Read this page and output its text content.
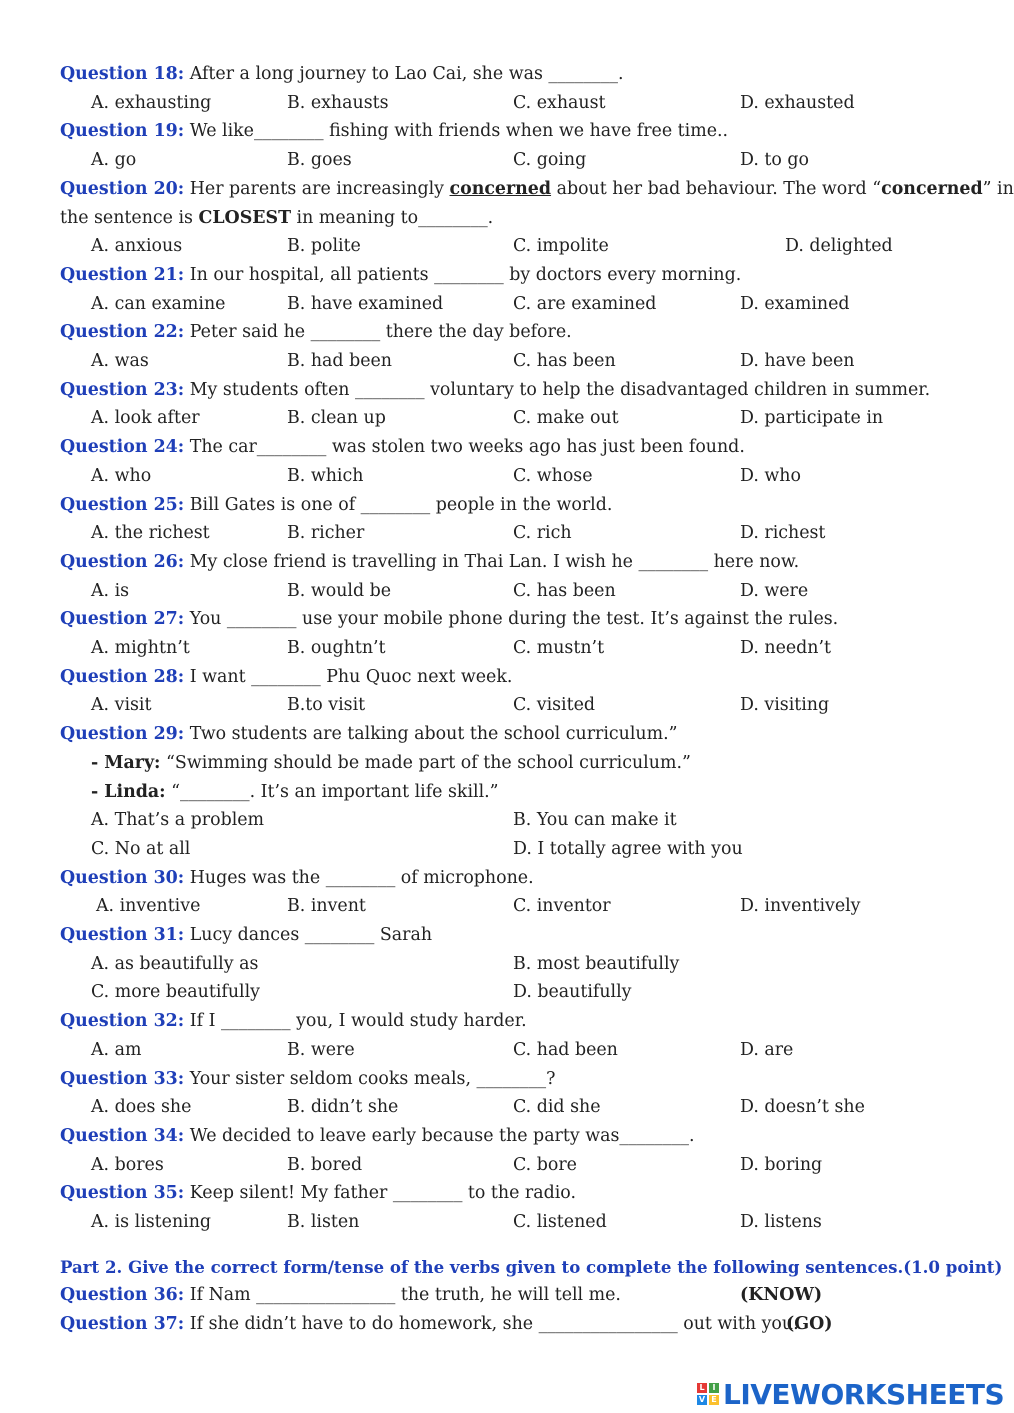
Question 18: After a long journey to Lao Cai, she was ________.
A. exhausting	B. exhausts	C. exhaust	D. exhausted
Question 19: We like________ fishing with friends when we have free time..
A. go	B. goes	C. going	D. to go
Question 20: Her parents are increasingly concerned about her bad behaviour. The word “concerned” in
the sentence is CLOSEST in meaning to________.
A. anxious	B. polite	C. impolite	D. delighted
Question 21: In our hospital, all patients ________ by doctors every morning.
A. can examine	B. have examined	C. are examined	D. examined
Question 22: Peter said he ________ there the day before.
A. was	B. had been	C. has been	D. have been
Question 23: My students often ________ voluntary to help the disadvantaged children in summer.
A. look after	B. clean up	C. make out	D. participate in
Question 24: The car________ was stolen two weeks ago has just been found.
A. who	B. which	C. whose	D. who
Question 25: Bill Gates is one of ________ people in the world.
A. the richest	B. richer	C. rich	D. richest
Question 26: My close friend is travelling in Thai Lan. I wish he ________ here now.
A. is	B. would be	C. has been	D. were
Question 27: You ________ use your mobile phone during the test. It’s against the rules.
A. mightn’t	B. oughtn’t	C. mustn’t	D. needn’t
Question 28: I want ________ Phu Quoc next week.
A. visit	B.to visit	C. visited	D. visiting
Question 29: Two students are talking about the school curriculum.”
- Mary: “Swimming should be made part of the school curriculum.”
- Linda: “________. It’s an important life skill.”
A. That’s a problem	B. You can make it
C. No at all	D. I totally agree with you
Question 30: Huges was the ________ of microphone.
A. inventive	B. invent	C. inventor	D. inventively
Question 31: Lucy dances ________ Sarah
A. as beautifully as	B. most beautifully
C. more beautifully	D. beautifully
Question 32: If I ________ you, I would study harder.
A. am	B. were	C. had been	D. are
Question 33: Your sister seldom cooks meals, ________?
A. does she	B. didn’t she	C. did she	D. doesn’t she
Question 34: We decided to leave early because the party was________.
A. bores	B. bored	C. bore	D. boring
Question 35: Keep silent! My father ________ to the radio.
A. is listening	B. listen	C. listened	D. listens
Part 2. Give the correct form/tense of the verbs given to complete the following sentences.(1.0 point)
Question 36: If Nam ________________ the truth, he will tell me.	(KNOW)
Question 37: If she didn’t have to do homework, she ________________ out with you.
(GO)
L I
V E LIVEWORKSHEETS
